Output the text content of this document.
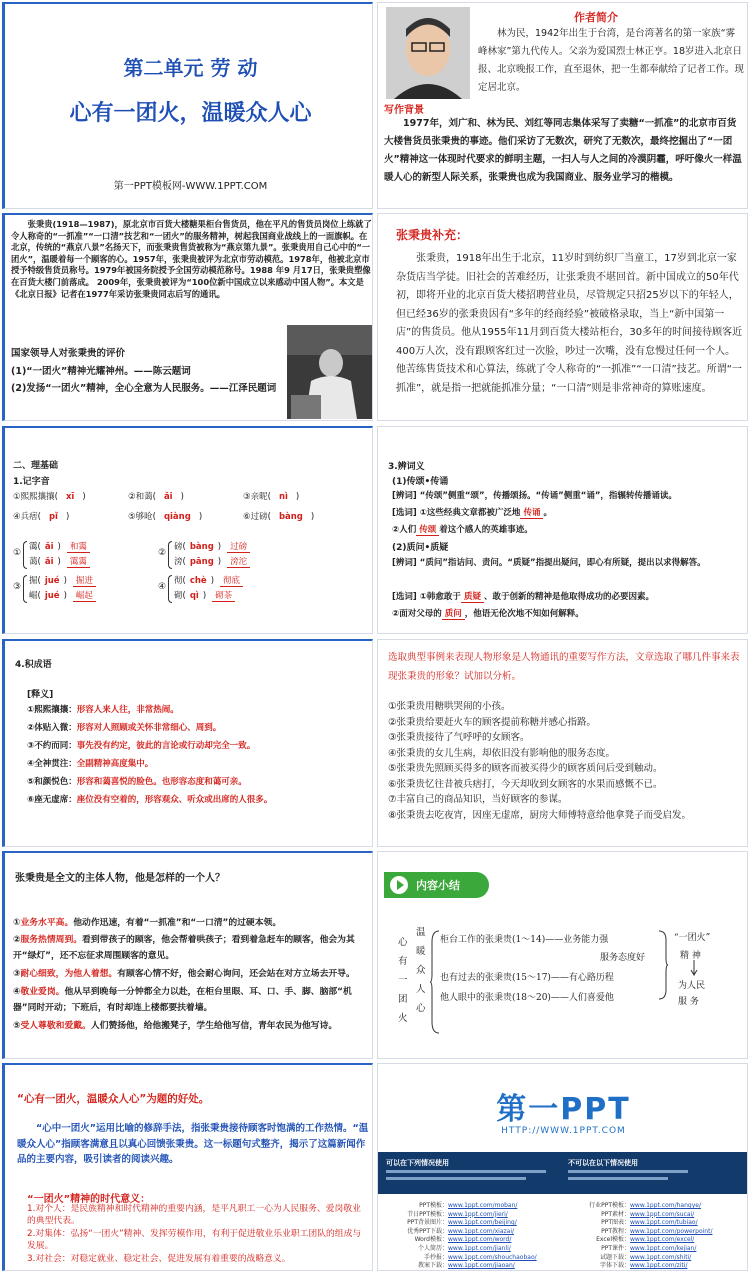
第二单元 劳 动
心有一团火，温暖众人心
第一PPT模板网-WWW.1PPT.COM
作者简介
林为民，1942年出生于台湾，是台湾著名的第一家族“雾峰林家”第九代传人。父亲为爱国烈士林正亨。18岁进入北京日报、北京晚报工作，直至退休，把一生都奉献给了记者工作。现定居北京。
写作背景
1977年，刘广和、林为民、刘红等同志集体采写了卖糖“一抓准”的北京市百货大楼售货员张秉贵的事迹。他们采访了无数次，研究了无数次，最终挖掘出了“一团火”精神这一体现时代要求的鲜明主题，一扫人与人之间的冷漠阴霾，呼吁像火一样温暖人心的新型人际关系，张秉贵也成为我国商业、服务业学习的楷模。
张秉贵(1918—1987)，原北京市百货大楼糖果柜台售货员，他在平凡的售货员岗位上练就了令人称奇的“一抓准”“一口清”技艺和“一团火”的服务精神，树起我国商业战线上的一面旗帜。在北京，传统的“燕京八景”名扬天下，而张秉贵售货被称为“燕京第九景”。张秉贵用自己心中的“一团火”，温暖着每一个顾客的心。1957年，张秉贵被评为北京市劳动模范。1978年，他被北京市授予特级售货员称号。1979年被国务院授予全国劳动模范称号。1988 年9 月17日，张秉贵塑像在百货大楼门前落成。 2009年，张秉贵被评为“100位新中国成立以来感动中国人物”。本文是《北京日报》记者在1977年采访张秉贵同志后写的通讯。
国家领导人对张秉贵的评价
(1)“一团火”精神光耀神州。——陈云题词
(2)发扬“一团火”精神，全心全意为人民服务。——江泽民题词
张秉贵补充：
张秉贵，1918年出生于北京，11岁时到纺织厂当童工，17岁到北京一家杂货店当学徒。旧社会的苦难经历，让张秉贵不堪回首。新中国成立的50年代初，即将开业的北京百货大楼招聘营业员，尽管规定只招25岁以下的年轻人，但已经36岁的张秉贵因有“多年的经商经验”被破格录取，当上“新中国第一店”的售货员。他从1955年11月到百货大楼站柜台，30多年的时间接待顾客近400万人次，没有跟顾客红过一次脸，吵过一次嘴，没有怠慢过任何一个人。他苦练售货技术和心算法，练就了令人称奇的“一抓准”“一口清”技艺。所谓“一抓准”，就是指一把就能抓准分量；“一口清”则是非常神奇的算账速度。
二、理基础
1.记字音
①熙熙攘攘( xī )	②和蔼( ǎi )	③亲昵( nì )
④兵痞( pǐ )	⑤够呛( qiàng )	⑥过磅( bàng )
①
霭( ǎi ) 和霭
蔼( ǎi ) 霭霭
②
磅( bàng ) 过磅
滂( pāng ) 滂沱
③
掘( jué ) 掘进
崛( jué ) 崛起
④
彻( chè ) 彻底
砌( qì ) 砌茶
3.辨词义
(1)传颂•传诵
[辨词] “传颂”侧重“颂”，传播颂扬。“传诵”侧重“诵”，指辗转传播诵读。
[选词] ①这些经典文章都被广泛地 传诵 。
②人们 传颂 着这个感人的英雄事迹。
(2)质问•质疑
[辨词] “质问”指诘问、责问。“质疑”指提出疑问，即心有所疑，提出以求得解答。
[选词] ①韩愈敢于 质疑 、敢于创新的精神是他取得成功的必要因素。
②面对父母的 质问 ，他语无伦次地不知如何解释。
4.积成语
[释义]
①熙熙攘攘：形容人来人往，非常热闹。
②体贴入微：形容对人照顾或关怀非常细心、周到。
③不约而同：事先没有约定，彼此的言论或行动却完全一致。
④全神贯注：全副精神高度集中。
⑤和颜悦色：形容和蔼喜悦的脸色。也形容态度和蔼可亲。
⑥座无虚席：座位没有空着的，形容观众、听众或出席的人很多。
选取典型事例来表现人物形象是人物通讯的重要写作方法，文章选取了哪几件事来表现张秉贵的形象？试加以分析。
①张秉贵用糖哄哭闹的小孩。
②张秉贵给要赶火车的顾客提前称糖并感心指路。
③张秉贵接待了气呼呼的女顾客。
④张秉贵的女儿生病，却依旧没有影响他的服务态度。
⑤张秉贵先照顾买得多的顾客而被买得少的顾客质问后受到触动。
⑥张秉贵忆往昔被兵痞打，今天却收到女顾客的水果而感慨不已。
⑦丰富自己的商品知识，当好顾客的参谋。
⑧张秉贵去吃夜宵，因座无虚席，厨房大师傅特意给他拿凳子而受启发。
张秉贵是全文的主体人物，他是怎样的一个人？
①业务水平高。他动作迅速，有着“一抓准”和“一口清”的过硬本领。
②服务热情周到。看到带孩子的顾客，他会帮着哄孩子；看到着急赶车的顾客，他会为其开“绿灯”，还不忘征求周围顾客的意见。
③耐心细致，为他人着想。有顾客心情不好，他会耐心询问，还会站在对方立场去开导。
④敬业爱岗。他从早到晚每一分钟都全力以赴，在柜台里眼、耳、口、手、脚、脑部“机器”同时开动；下班后，有时却连上楼都要扶着墙。
⑤受人尊敬和爱戴。人们赞扬他，给他搬凳子，学生给他写信，青年农民为他写诗。
内容小结
心
有
一
团
火
温
暖
众
人
心
柜台工作的张秉贵(1～14)——业务能力强
服务态度好
也有过去的张秉贵(15～17)——有心路历程
他人眼中的张秉贵(18～20)——人们喜爱他
“一团火”
精 神
为人民
服 务
“心有一团火，温暖众人心”为题的好处。
“心中一团火”运用比喻的修辞手法，指张秉贵接待顾客时饱满的工作热情。“温暖众人心”指顾客满意且以真心回馈张秉贵。这一标题句式整齐，揭示了这篇新闻作品的主要内容，吸引读者的阅读兴趣。
“一团火”精神的时代意义：
1.对个人：是民族精神和时代精神的重要内涵，是平凡职工一心为人民服务、爱岗敬业的典型代表。
2.对集体：弘扬“一团火”精神、发挥劳模作用，有利于促进敬业乐业职工团队的组成与发展。
3.对社会：对稳定就业、稳定社会、促进发展有着重要的战略意义。
第一PPT
HTTP://WWW.1PPT.COM
可以在下列情况使用	不可以在以下情况使用
PPT模板：www.1ppt.com/moban/
节日PPT模板：www.1ppt.com/jieri/
PPT背景图片：www.1ppt.com/beijing/
优秀PPT下载：www.1ppt.com/xiazai/
Word模板：www.1ppt.com/word/
个人简历：www.1ppt.com/jianli/
手抄报：www.1ppt.com/shouchaobao/
教案下载：www.1ppt.com/jiaoan/
行业PPT模板：www.1ppt.com/hangye/
PPT素材：www.1ppt.com/sucai/
PPT图表：www.1ppt.com/tubiao/
PPT教程：www.1ppt.com/powerpoint/
Excel模板：www.1ppt.com/excel/
PPT课件：www.1ppt.com/kejian/
试题下载：www.1ppt.com/shiti/
字体下载：www.1ppt.com/ziti/
